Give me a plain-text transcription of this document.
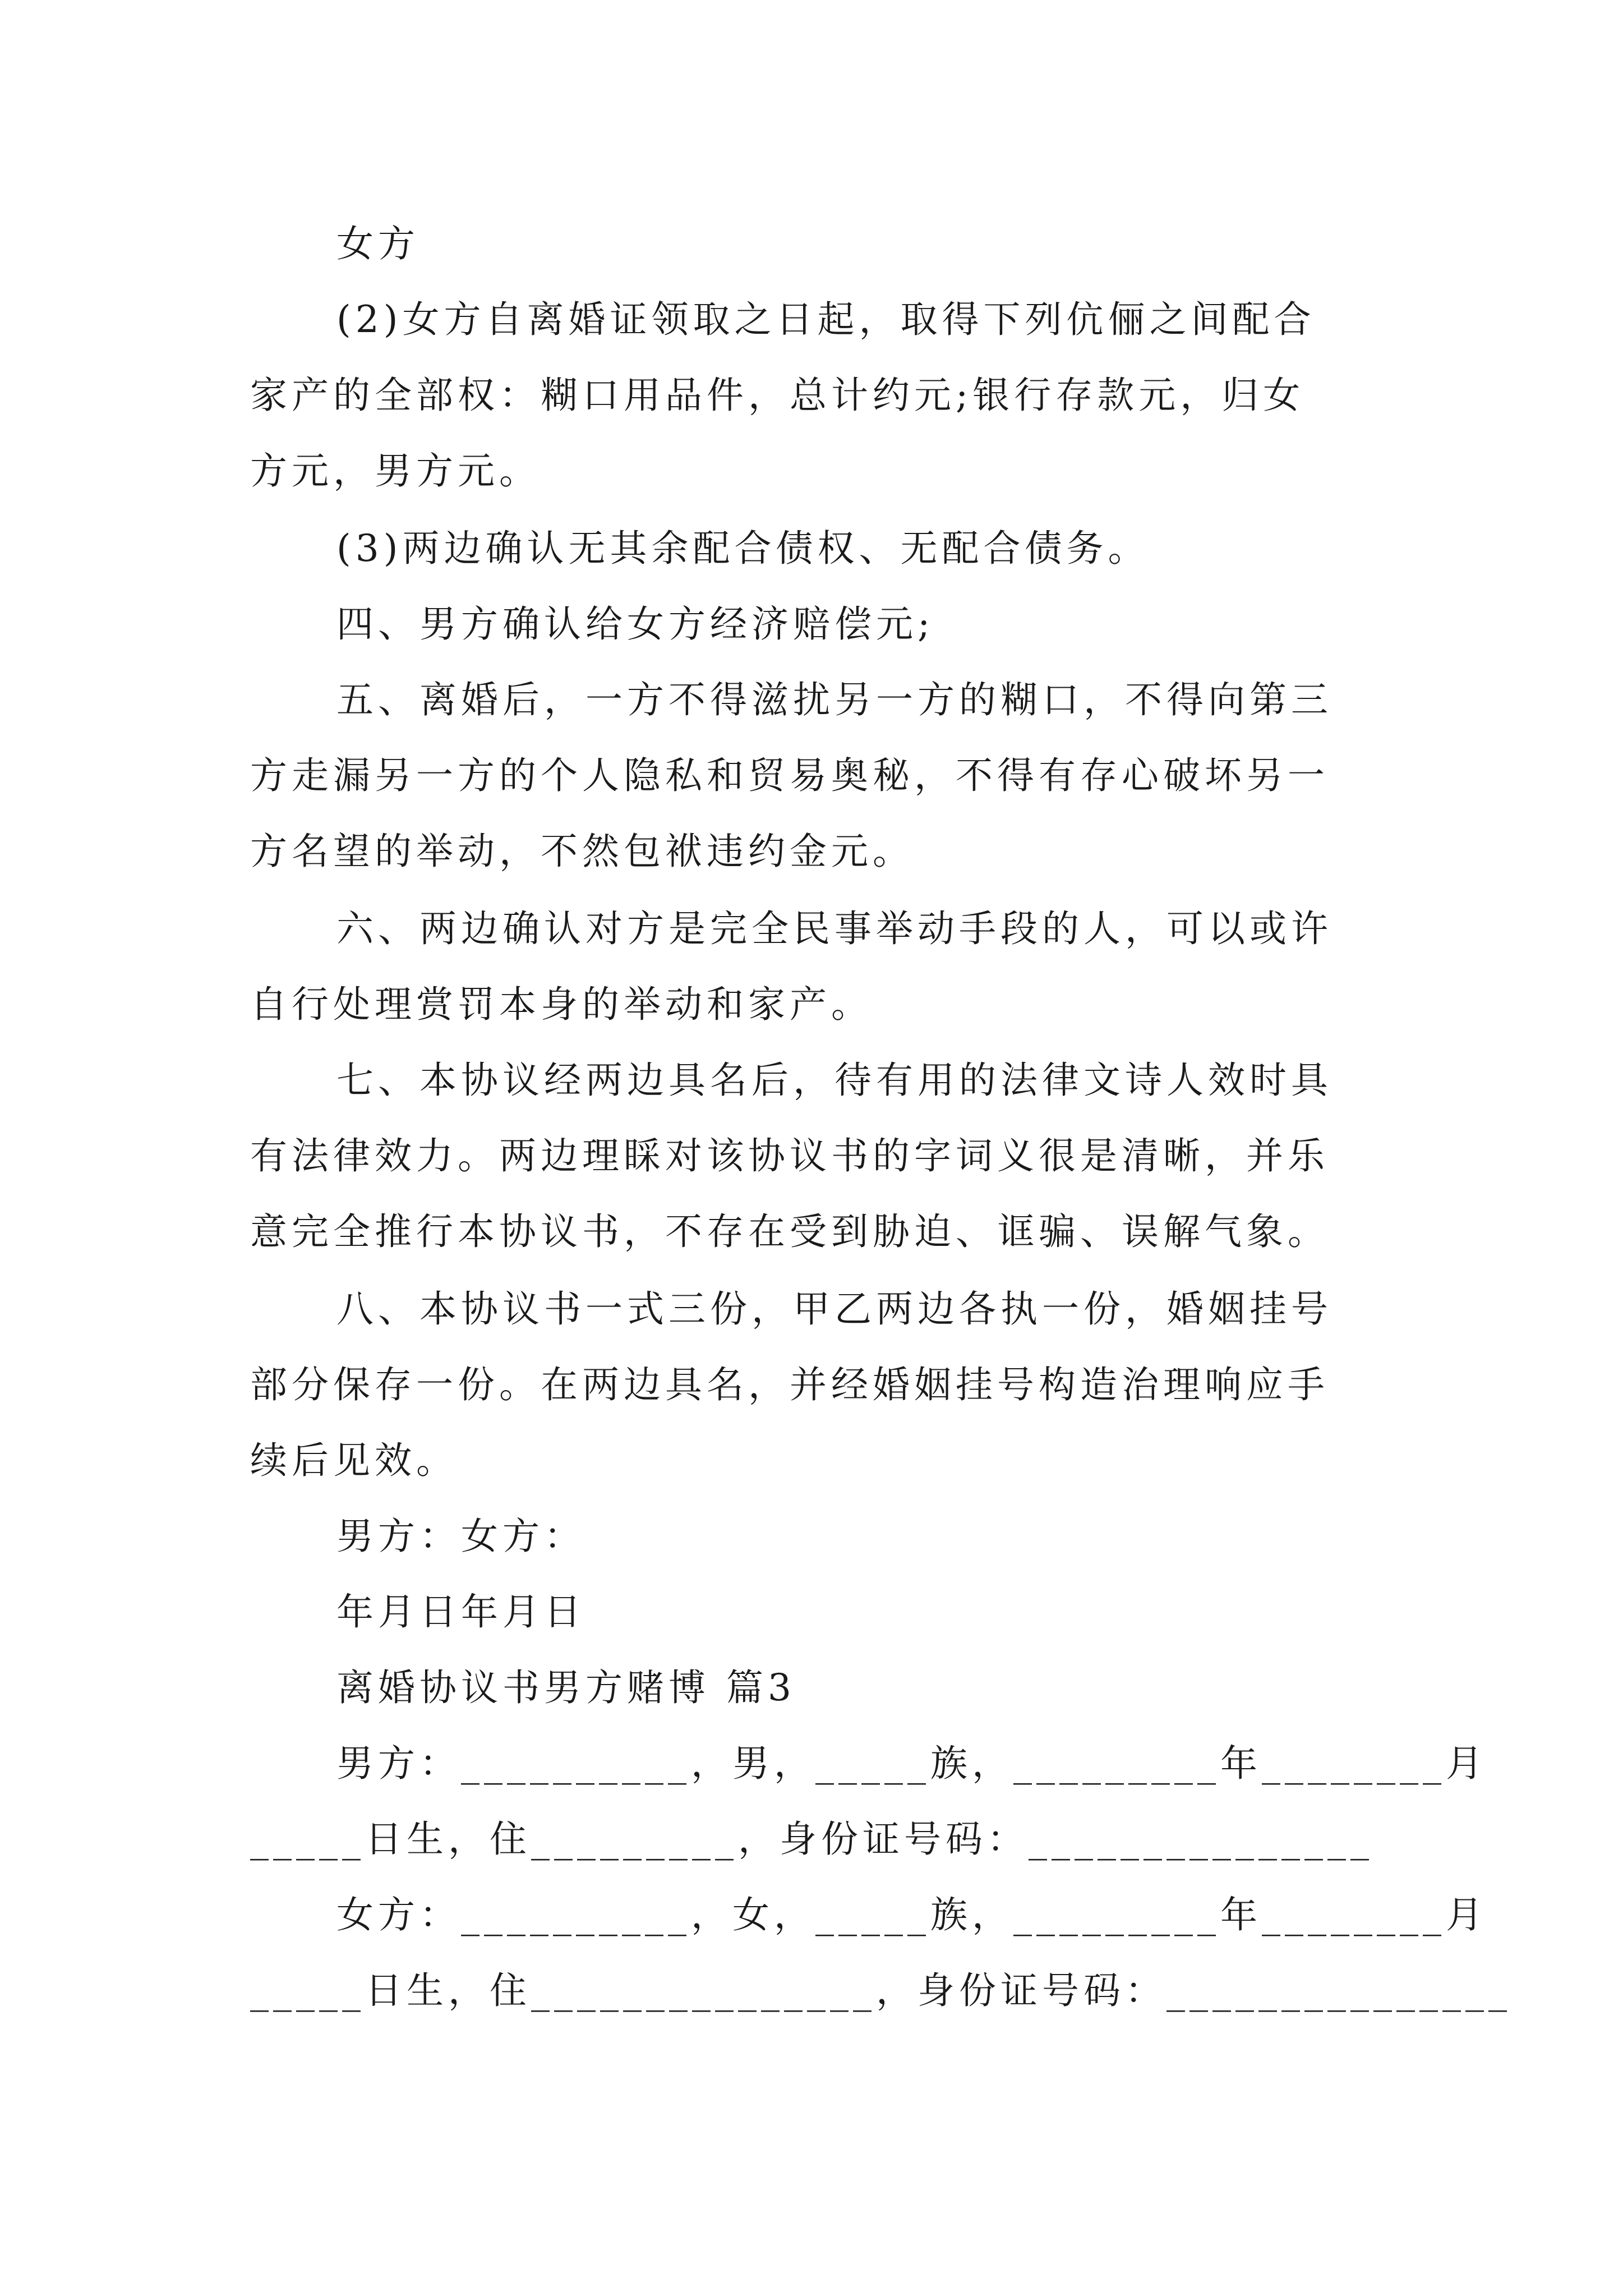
女方
(2)女方自离婚证领取之日起，取得下列伉俪之间配合
家产的全部权：糊口用品件，总计约元;银行存款元，归女
方元，男方元。
(3)两边确认无其余配合债权、无配合债务。
四、男方确认给女方经济赔偿元;
五、离婚后，一方不得滋扰另一方的糊口，不得向第三
方走漏另一方的个人隐私和贸易奥秘，不得有存心破坏另一
方名望的举动，不然包袱违约金元。
六、两边确认对方是完全民事举动手段的人，可以或许
自行处理赏罚本身的举动和家产。
七、本协议经两边具名后，待有用的法律文诗人效时具
有法律效力。两边理睬对该协议书的字词义很是清晰，并乐
意完全推行本协议书，不存在受到胁迫、诓骗、误解气象。
八、本协议书一式三份，甲乙两边各执一份，婚姻挂号
部分保存一份。在两边具名，并经婚姻挂号构造治理响应手
续后见效。
男方：女方：
年月日年月日
离婚协议书男方赌博 篇3
男方：__________，男，_____族，_________年________月
_____日生，住_________，身份证号码：_______________
女方：__________，女，_____族，_________年________月
_____日生，住_______________，身份证号码：_______________
